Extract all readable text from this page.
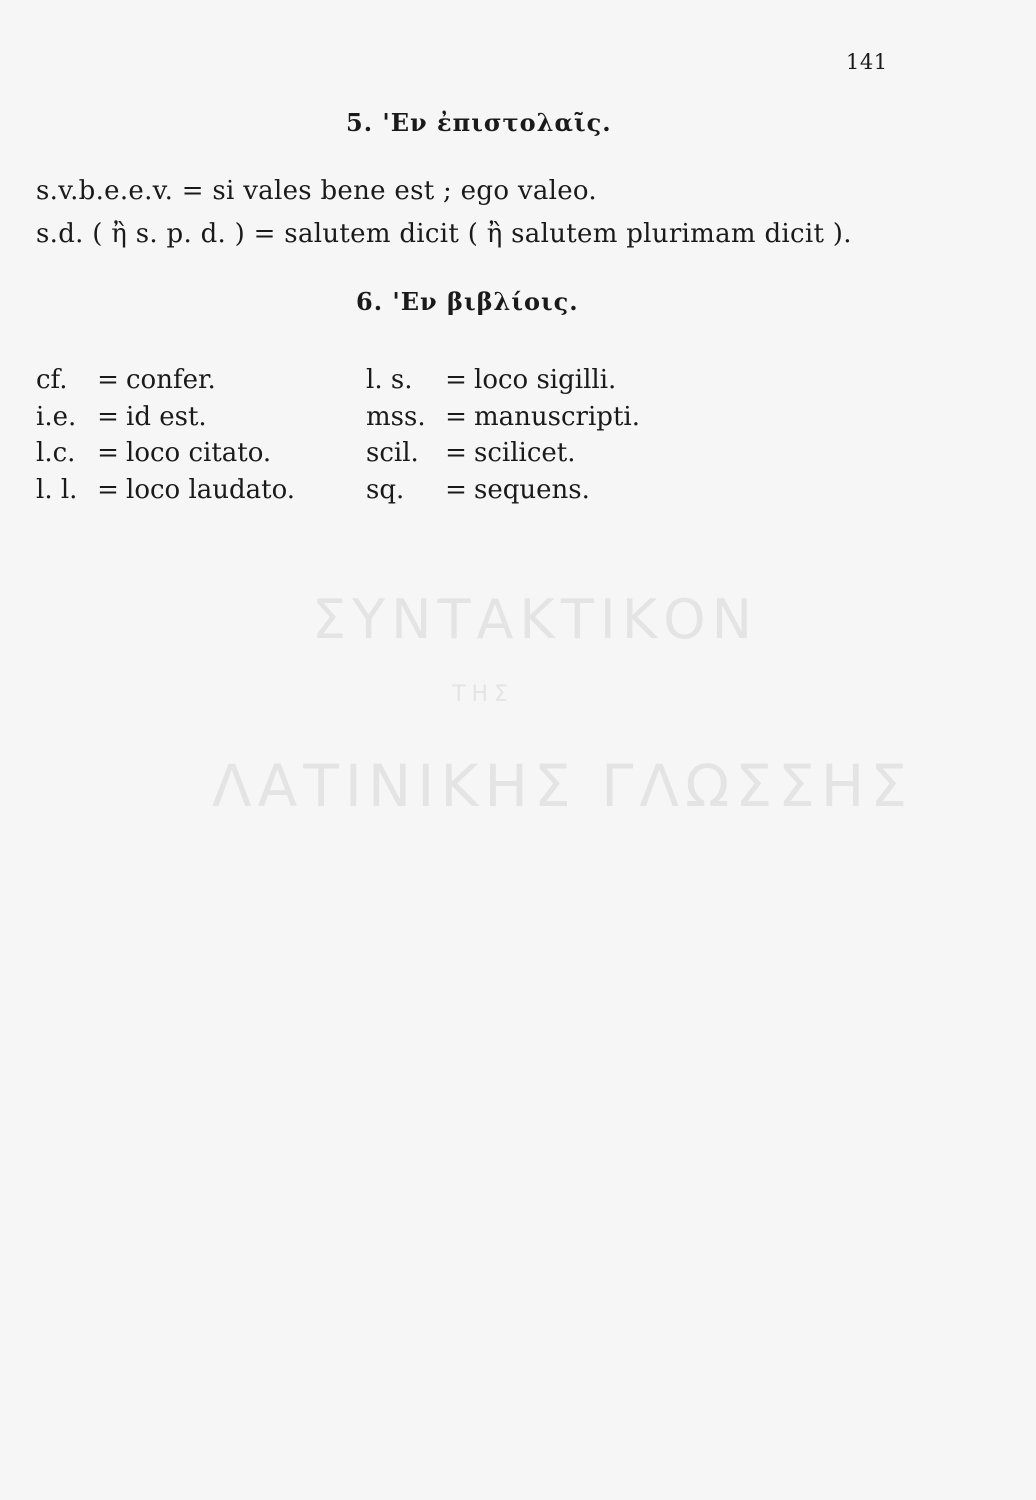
ΣΥΝΤΑΚΤΙΚΟΝ
ΤΗΣ
ΛΑΤΙΝΙΚΗΣ ΓΛΩΣΣΗΣ
141
5. 'Εν ἐπιστολαῖς.
s.v.b.e.e.v. = si vales bene est ; ego valeo.
s.d. ( ἢ s. p. d. ) = salutem dicit ( ἢ salutem plurimam dicit ).
6. 'Εν βιβλίοις.
cf. = confer.
i.e. = id est.
l.c. = loco citato.
l. l. = loco laudato.
l. s. = loco sigilli.
mss. = manuscripti.
scil. = scilicet.
sq. = sequens.
